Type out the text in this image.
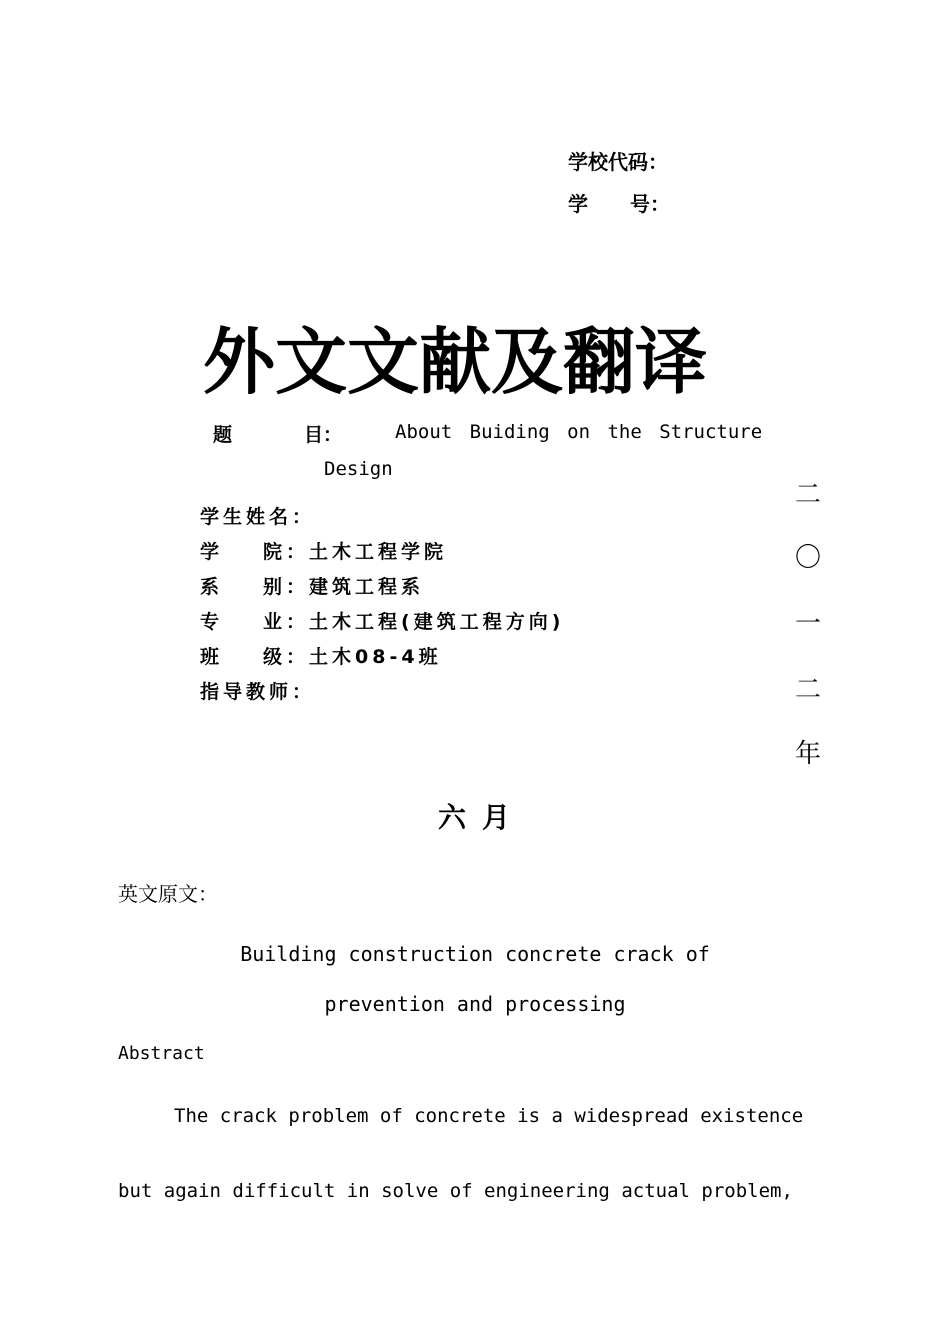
学校代码：
学 号：
外文文献及翻译
题	目：	About Buiding on the Structure
Design
学生姓名：
学 院：土木工程学院
系 别：建筑工程系
专 业：土木工程(建筑工程方向)
班 级：土木08-4班
指导教师：
二
〇
一
二
年
六月
英文原文：
Building construction concrete crack of
prevention and processing
Abstract
The crack problem of concrete is a widespread existence
but again difficult in solve of engineering actual problem,
